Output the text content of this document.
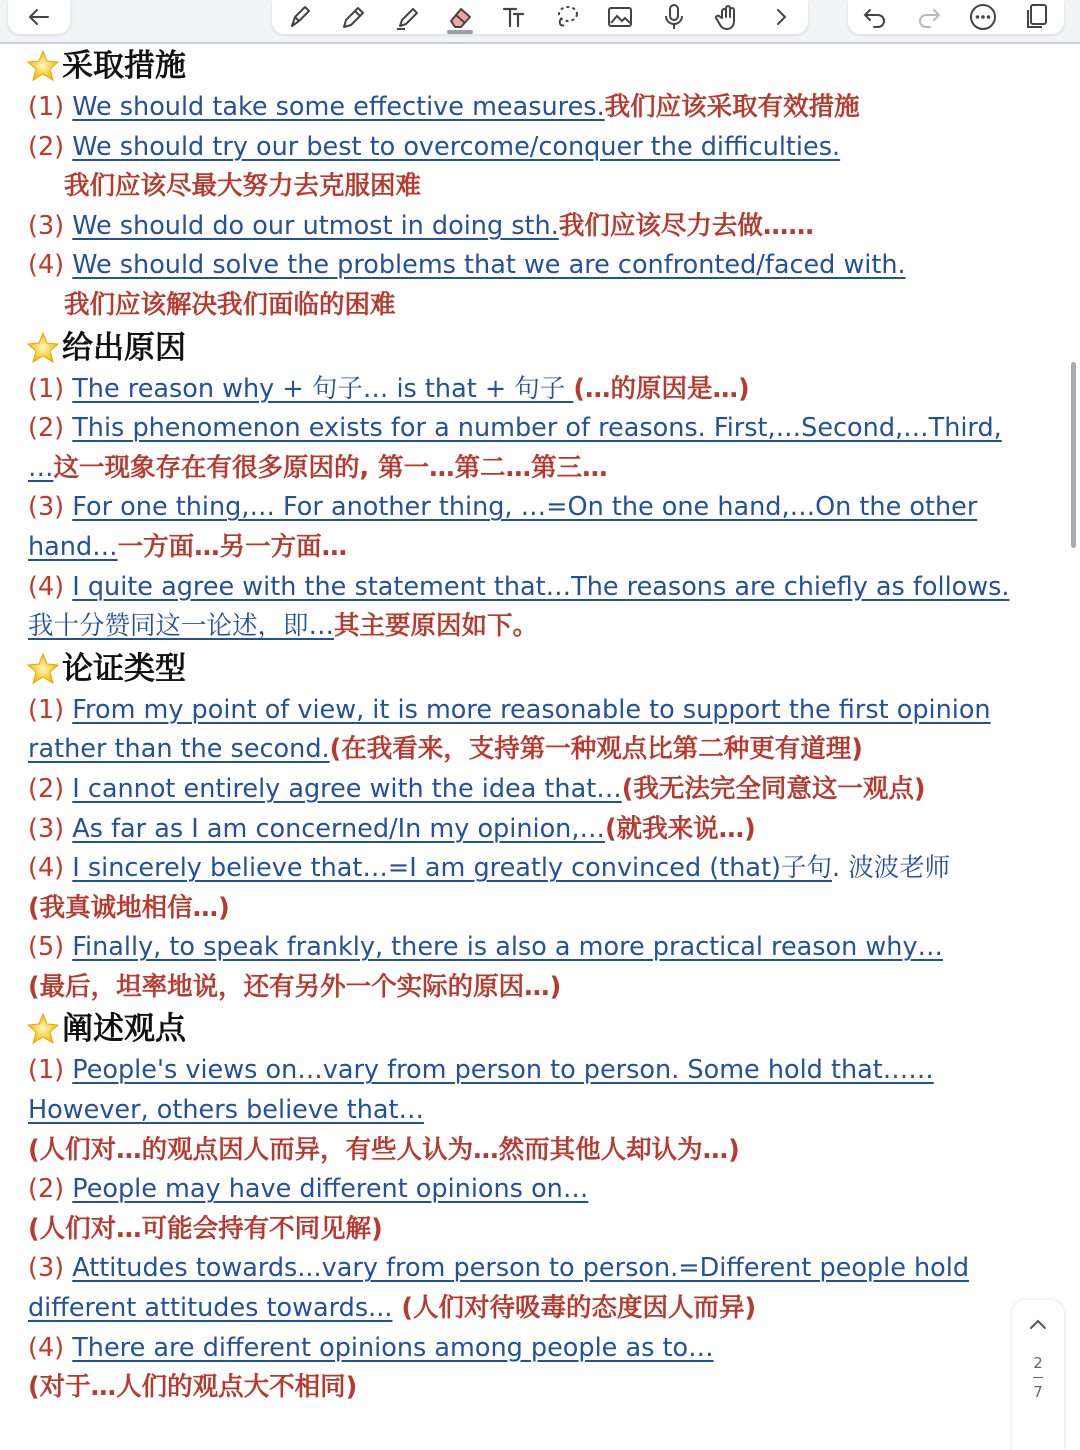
采取措施
(1) We should take some effective measures.我们应该采取有效措施
(2) We should try our best to overcome/conquer the difficulties.
我们应该尽最大努力去克服困难
(3) We should do our utmost in doing sth.我们应该尽力去做……
(4) We should solve the problems that we are confronted/faced with.
我们应该解决我们面临的困难
给出原因
(1) The reason why + 句子… is that + 句子 (…的原因是…)
(2) This phenomenon exists for a number of reasons. First,…Second,…Third,
…这一现象存在有很多原因的, 第一…第二…第三…
(3) For one thing,… For another thing, …=On the one hand,…On the other
hand…一方面…另一方面…
(4) I quite agree with the statement that…The reasons are chiefly as follows.
我十分赞同这一论述，即…其主要原因如下。
论证类型
(1) From my point of view, it is more reasonable to support the first opinion
rather than the second.(在我看来，支持第一种观点比第二种更有道理)
(2) I cannot entirely agree with the idea that…(我无法完全同意这一观点)
(3) As far as I am concerned/In my opinion,…(就我来说…)
(4) I sincerely believe that…=I am greatly convinced (that)子句. 波波老师
(我真诚地相信…)
(5) Finally, to speak frankly, there is also a more practical reason why…
(最后，坦率地说，还有另外一个实际的原因…)
阐述观点
(1) People's views on…vary from person to person. Some hold that……
However, others believe that…
(人们对…的观点因人而异，有些人认为…然而其他人却认为…)
(2) People may have different opinions on…
(人们对…可能会持有不同见解)
(3) Attitudes towards...vary from person to person.=Different people hold
different attitudes towards... (人们对待吸毒的态度因人而异)
(4) There are different opinions among people as to…
(对于…人们的观点大不相同)
2
7
